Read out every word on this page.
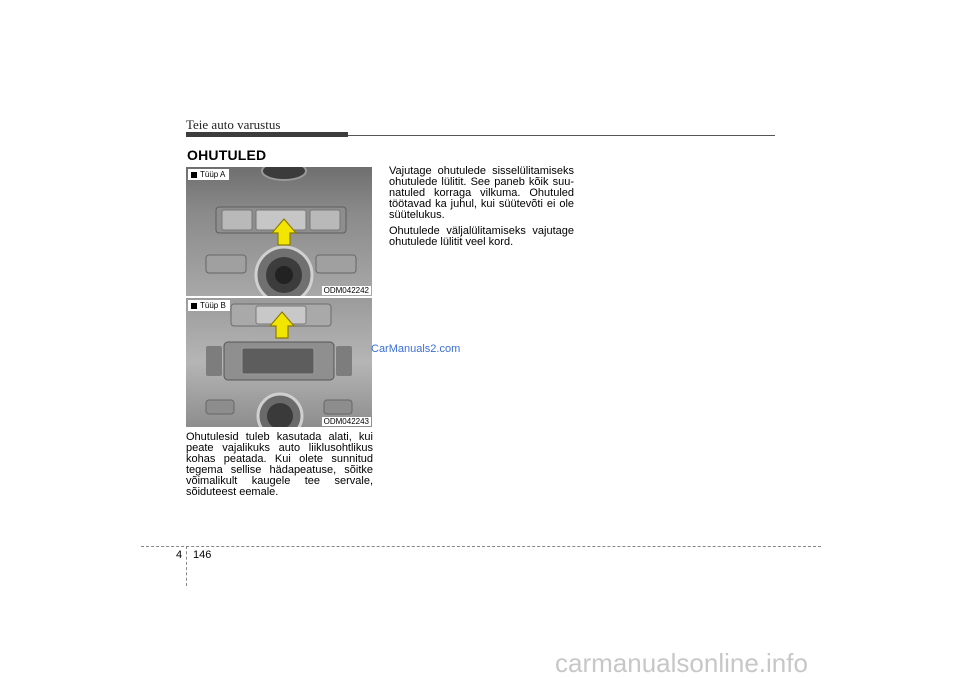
Teie auto varustus
OHUTULED
Tüüp A
ODM042242
Tüüp B
ODM042243
Ohutulesid tuleb kasutada alati, kui peate vajalikuks auto liiklusohtlikus kohas peatada. Kui olete sunnitud tegema sellise hädapeatuse, sõitke võimalikult kaugele tee servale, sõiduteest eemale.

Vajutage ohutulede sisselülitamiseks ohutulede lülitit. See paneb kõik suu-natuled korraga vilkuma. Ohutuled töötavad ka juhul, kui süütevõti ei ole süütelukus.

Ohutulede väljalülitamiseks vajutage ohutulede lülitit veel kord.

CarManuals2.com
4 146
carmanualsonline.info
